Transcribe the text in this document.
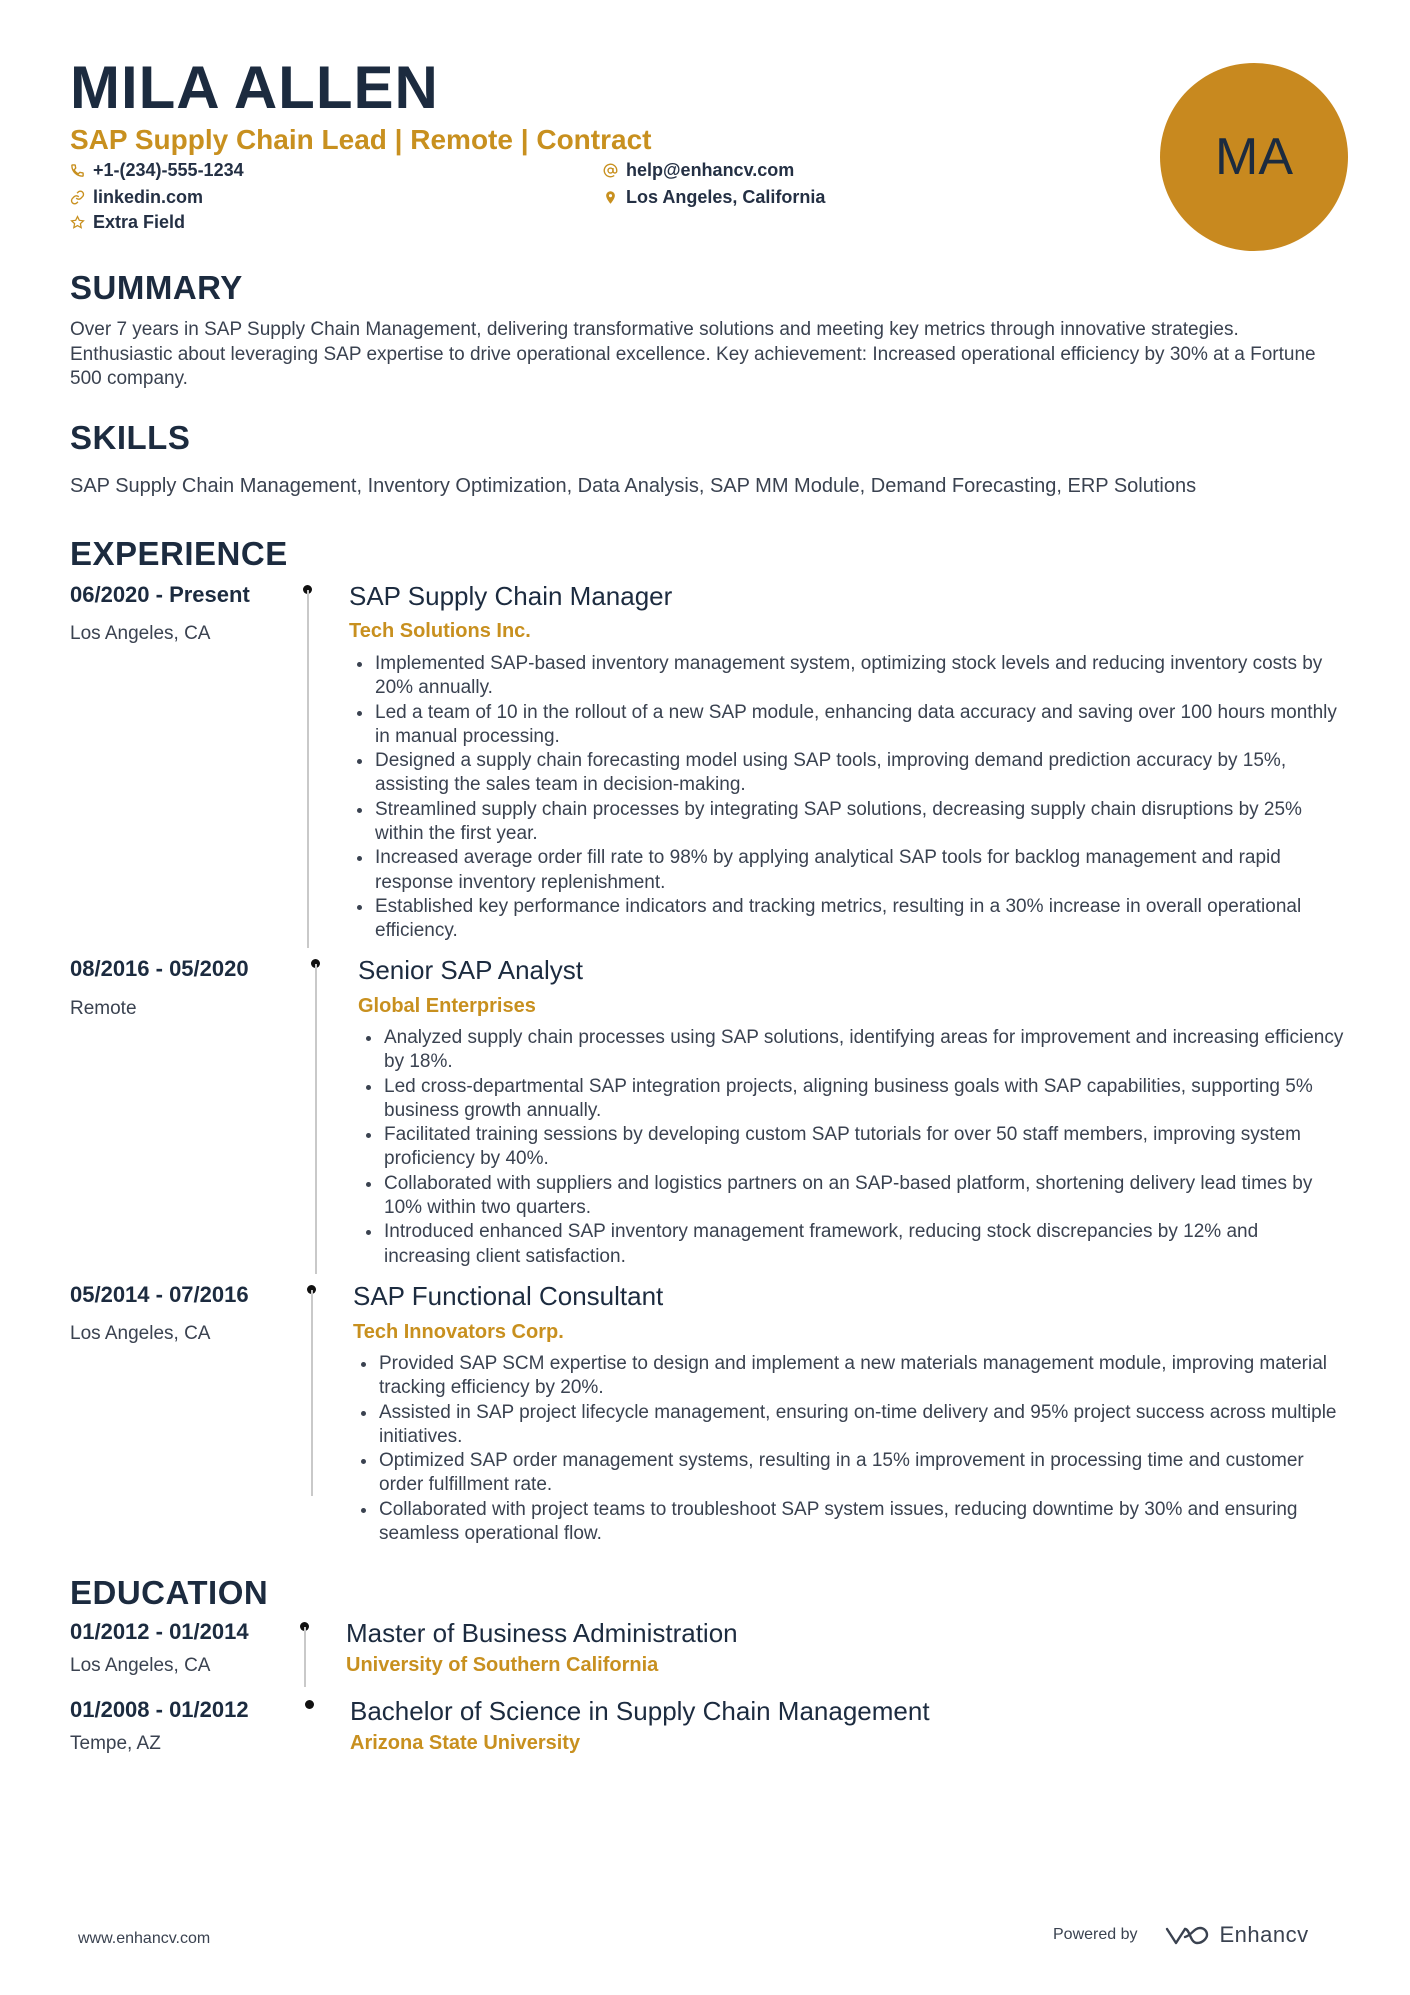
MILA ALLEN
SAP Supply Chain Lead | Remote | Contract
+1-(234)-555-1234	help@enhancv.com
linkedin.com	Los Angeles, California
Extra Field
MA
SUMMARY
Over 7 years in SAP Supply Chain Management, delivering transformative solutions and meeting key metrics through innovative strategies. Enthusiastic about leveraging SAP expertise to drive operational excellence. Key achievement: Increased operational efficiency by 30% at a Fortune 500 company.
SKILLS
SAP Supply Chain Management, Inventory Optimization, Data Analysis, SAP MM Module, Demand Forecasting, ERP Solutions
EXPERIENCE
06/2020 - Present
Los Angeles, CA
SAP Supply Chain Manager
Tech Solutions Inc.
Implemented SAP-based inventory management system, optimizing stock levels and reducing inventory costs by 20% annually.
Led a team of 10 in the rollout of a new SAP module, enhancing data accuracy and saving over 100 hours monthly in manual processing.
Designed a supply chain forecasting model using SAP tools, improving demand prediction accuracy by 15%, assisting the sales team in decision-making.
Streamlined supply chain processes by integrating SAP solutions, decreasing supply chain disruptions by 25% within the first year.
Increased average order fill rate to 98% by applying analytical SAP tools for backlog management and rapid response inventory replenishment.
Established key performance indicators and tracking metrics, resulting in a 30% increase in overall operational efficiency.
08/2016 - 05/2020
Remote
Senior SAP Analyst
Global Enterprises
Analyzed supply chain processes using SAP solutions, identifying areas for improvement and increasing efficiency by 18%.
Led cross-departmental SAP integration projects, aligning business goals with SAP capabilities, supporting 5% business growth annually.
Facilitated training sessions by developing custom SAP tutorials for over 50 staff members, improving system proficiency by 40%.
Collaborated with suppliers and logistics partners on an SAP-based platform, shortening delivery lead times by 10% within two quarters.
Introduced enhanced SAP inventory management framework, reducing stock discrepancies by 12% and increasing client satisfaction.
05/2014 - 07/2016
Los Angeles, CA
SAP Functional Consultant
Tech Innovators Corp.
Provided SAP SCM expertise to design and implement a new materials management module, improving material tracking efficiency by 20%.
Assisted in SAP project lifecycle management, ensuring on-time delivery and 95% project success across multiple initiatives.
Optimized SAP order management systems, resulting in a 15% improvement in processing time and customer order fulfillment rate.
Collaborated with project teams to troubleshoot SAP system issues, reducing downtime by 30% and ensuring seamless operational flow.
EDUCATION
01/2012 - 01/2014
Los Angeles, CA
Master of Business Administration
University of Southern California
01/2008 - 01/2012
Tempe, AZ
Bachelor of Science in Supply Chain Management
Arizona State University
www.enhancv.com	Powered by	Enhancv
